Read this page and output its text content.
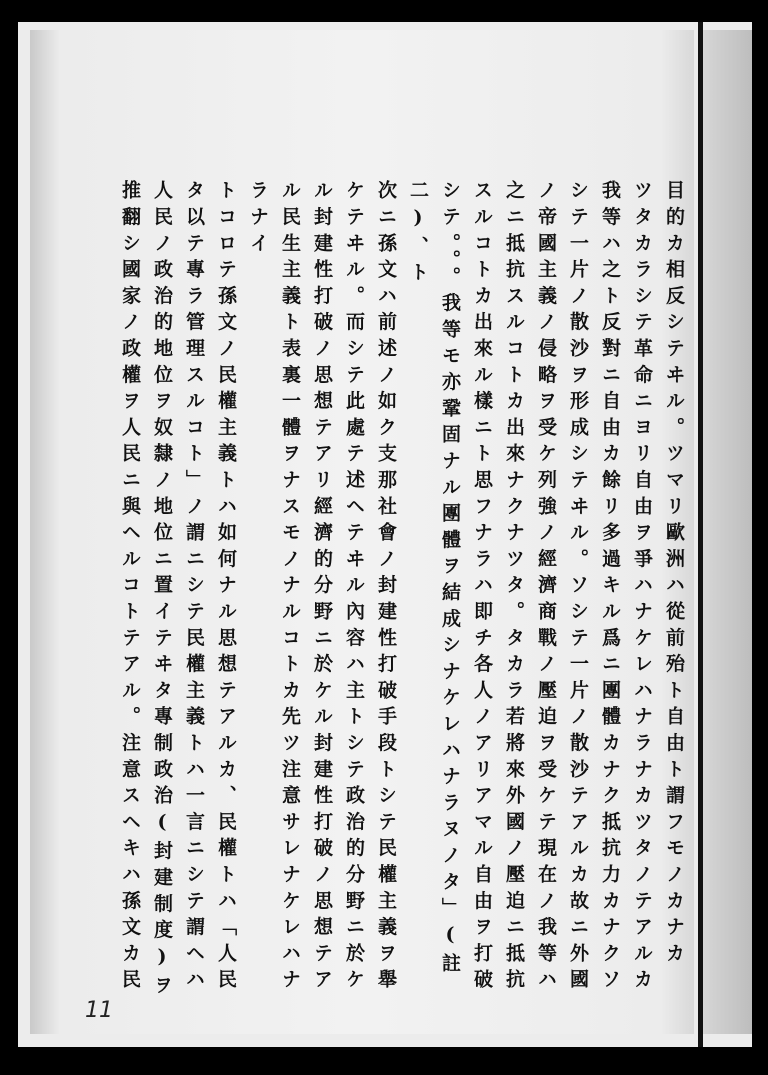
目的カ相反シテヰル。ツマリ歐洲ハ從前殆ト自由ト謂フモノカナカ
ツタカラシテ革命ニヨリ自由ヲ爭ハナケレハナラナカツタノテアルカ
我等ハ之ト反對ニ自由カ餘リ多過キル爲ニ團體カナク抵抗力カナクソ
シテ一片ノ散沙ヲ形成シテヰル。ソシテ一片ノ散沙テアルカ故ニ外國
ノ帝國主義ノ侵略ヲ受ケ列強ノ經濟商戰ノ壓迫ヲ受ケテ現在ノ我等ハ
之ニ抵抗スルコトカ出來ナクナツタ。タカラ若將來外國ノ壓迫ニ抵抗
スルコトカ出來ル樣ニト思フナラハ即チ各人ノアリアマル自由ヲ打破
シテ。。。我等モ亦鞏固ナル團體ヲ結成シナケレハナラヌノタ」(註
二)、ト
次ニ孫文ハ前述ノ如ク支那社會ノ封建性打破手段トシテ民權主義ヲ舉
ケテヰル。而シテ此處テ述ヘテヰル內容ハ主トシテ政治的分野ニ於ケ
ル封建性打破ノ思想テアリ經濟的分野ニ於ケル封建性打破ノ思想テア
ル民生主義ト表裏一體ヲナスモノナルコトカ先ツ注意サレナケレハナ
ラナイ
トコロテ孫文ノ民權主義トハ如何ナル思想テアルカ、民權トハ「人民
タ以テ專ラ管理スルコト」ノ謂ニシテ民權主義トハ一言ニシテ謂ヘハ
人民ノ政治的地位ヲ奴隸ノ地位ニ置イテヰタ專制政治(封建制度)ヲ
推翻シ國家ノ政權ヲ人民ニ與ヘルコトテアル。注意スヘキハ孫文カ民
11
